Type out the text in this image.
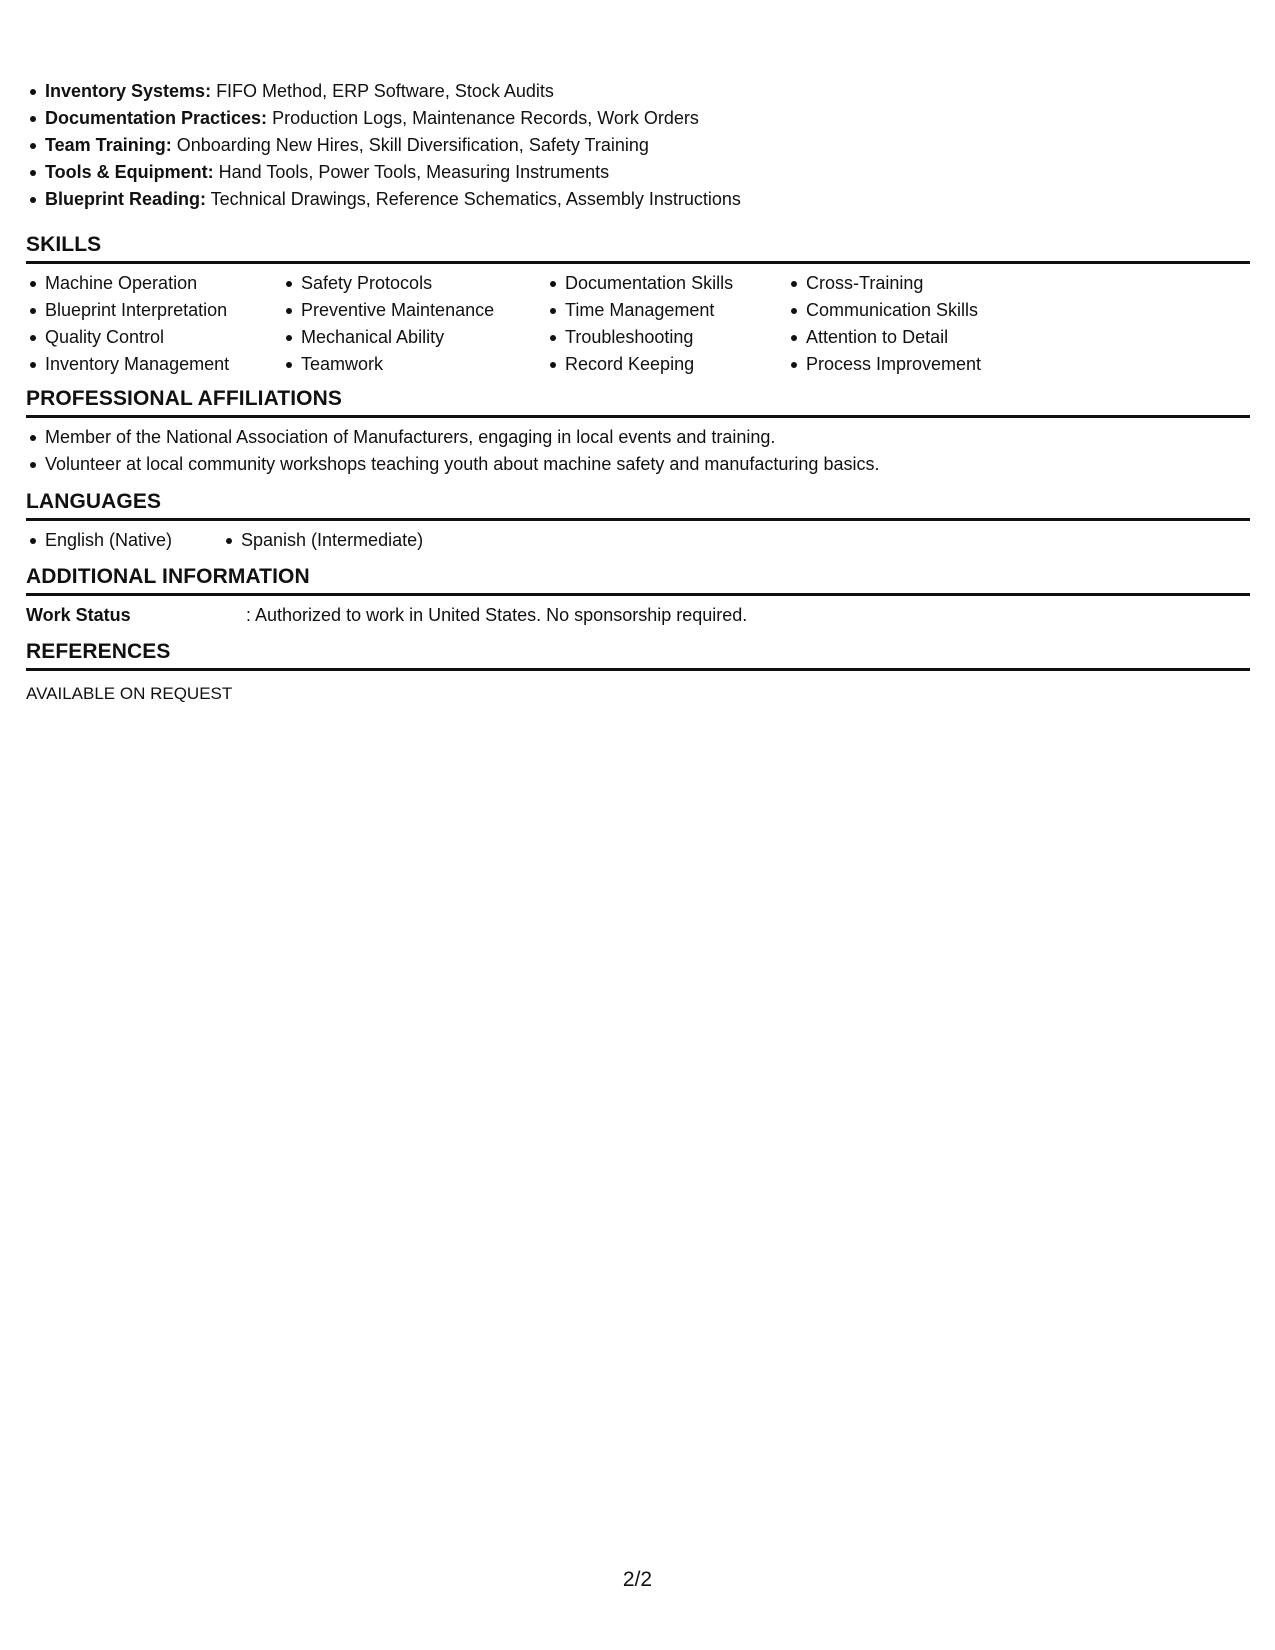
Inventory Systems: FIFO Method, ERP Software, Stock Audits
Documentation Practices: Production Logs, Maintenance Records, Work Orders
Team Training: Onboarding New Hires, Skill Diversification, Safety Training
Tools & Equipment: Hand Tools, Power Tools, Measuring Instruments
Blueprint Reading: Technical Drawings, Reference Schematics, Assembly Instructions
SKILLS
Machine Operation
Blueprint Interpretation
Quality Control
Inventory Management
Safety Protocols
Preventive Maintenance
Mechanical Ability
Teamwork
Documentation Skills
Time Management
Troubleshooting
Record Keeping
Cross-Training
Communication Skills
Attention to Detail
Process Improvement
PROFESSIONAL AFFILIATIONS
Member of the National Association of Manufacturers, engaging in local events and training.
Volunteer at local community workshops teaching youth about machine safety and manufacturing basics.
LANGUAGES
English (Native)	Spanish (Intermediate)
ADDITIONAL INFORMATION
Work Status	: Authorized to work in United States. No sponsorship required.
REFERENCES
AVAILABLE ON REQUEST
2/2
